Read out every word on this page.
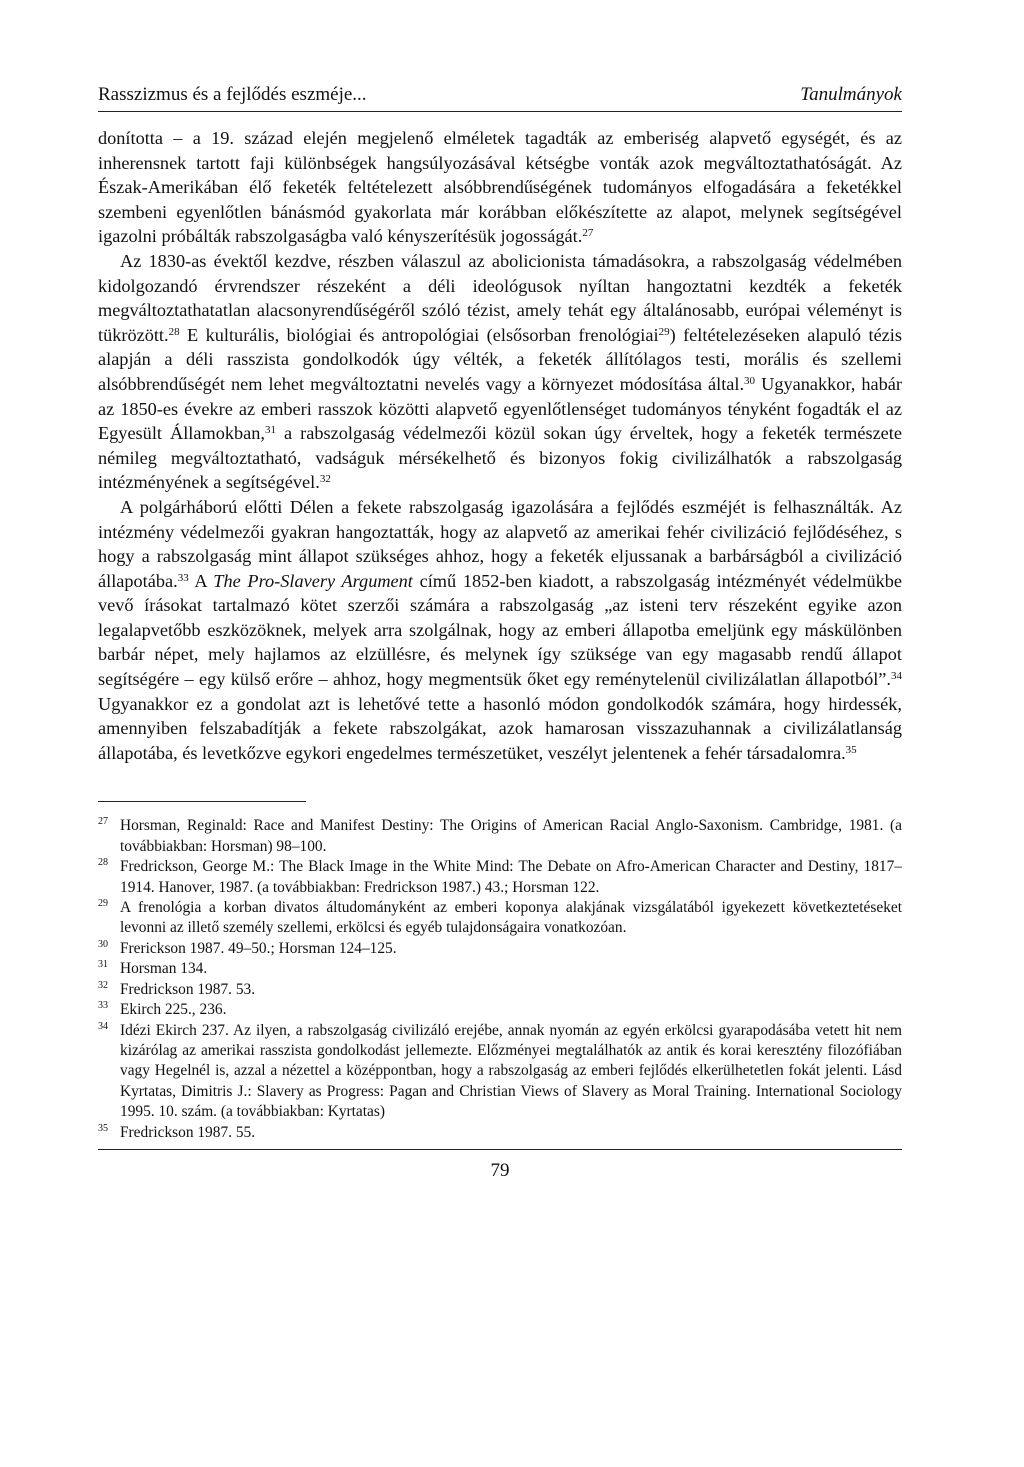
Rasszizmus és a fejlődés eszméje...	Tanulmányok

donította – a 19. század elején megjelenő elméletek tagadták az emberiség alapvető egységét, és az inherensnek tartott faji különbségek hangsúlyozásával kétségbe vonták azok megváltoztathatóságát. Az Észak-Amerikában élő feketék feltételezett alsóbbrendűségének tudományos elfogadására a feketékkel szembeni egyenlőtlen bánásmód gyakorlata már korábban előkészítette az alapot, melynek segítségével igazolni próbálták rabszolgaságba való kényszerítésük jogosságát.$^{27}$

Az 1830-as évektől kezdve, részben válaszul az abolicionista támadásokra, a rabszolgaság védelmében kidolgozandó érvrendszer részeként a déli ideológusok nyíltan hangoztatni kezdték a feketék megváltoztathatatlan alacsonyrendűségéről szóló tézist, amely tehát egy általánosabb, európai véleményt is tükrözött.$^{28}$ E kulturális, biológiai és antropológiai (elsősorban frenológiai$^{29}$) feltételezéseken alapuló tézis alapján a déli rasszista gondolkodók úgy vélték, a feketék állítólagos testi, morális és szellemi alsóbbrendűségét nem lehet megváltoztatni nevelés vagy a környezet módosítása által.$^{30}$ Ugyanakkor, habár az 1850-es évekre az emberi rasszok közötti alapvető egyenlőtlenséget tudományos tényként fogadták el az Egyesült Államokban,$^{31}$ a rabszolgaság védelmezői közül sokan úgy érveltek, hogy a feketék természete némileg megváltoztatható, vadságuk mérsékelhető és bizonyos fokig civilizálhatók a rabszolgaság intézményének a segítségével.$^{32}$

A polgárháború előtti Délen a fekete rabszolgaság igazolására a fejlődés eszméjét is felhasználták. Az intézmény védelmezői gyakran hangoztatták, hogy az alapvető az amerikai fehér civilizáció fejlődéséhez, s hogy a rabszolgaság mint állapot szükséges ahhoz, hogy a feketék eljussanak a barbárságból a civilizáció állapotába.$^{33}$ A The Pro-Slavery Argument című 1852-ben kiadott, a rabszolgaság intézményét védelmükbe vevő írásokat tartalmazó kötet szerzői számára a rabszolgaság „az isteni terv részeként egyike azon legalapvetőbb eszközöknek, melyek arra szolgálnak, hogy az emberi állapotba emeljünk egy máskülönben barbár népet, mely hajlamos az elzüllésre, és melynek így szüksége van egy magasabb rendű állapot segítségére – egy külső erőre – ahhoz, hogy megmentsük őket egy reménytelenül civilizálatlan állapotból”.$^{34}$ Ugyanakkor ez a gondolat azt is lehetővé tette a hasonló módon gondolkodók számára, hogy hirdessék, amennyiben felszabadítják a fekete rabszolgákat, azok hamarosan visszazuhannak a civilizálatlanság állapotába, és levetkőzve egykori engedelmes természetüket, veszélyt jelentenek a fehér társadalomra.$^{35}$

$^{27}$ Horsman, Reginald: Race and Manifest Destiny: The Origins of American Racial Anglo-Saxonism. Cambridge, 1981. (a továbbiakban: Horsman) 98–100.
$^{28}$ Fredrickson, George M.: The Black Image in the White Mind: The Debate on Afro-American Character and Destiny, 1817–1914. Hanover, 1987. (a továbbiakban: Fredrickson 1987.) 43.; Horsman 122.
$^{29}$ A frenológia a korban divatos áltudományként az emberi koponya alakjának vizsgálatából igyekezett következtetéseket levonni az illető személy szellemi, erkölcsi és egyéb tulajdonságaira vonatkozóan.
$^{30}$ Frerickson 1987. 49–50.; Horsman 124–125.
$^{31}$ Horsman 134.
$^{32}$ Fredrickson 1987. 53.
$^{33}$ Ekirch 225., 236.
$^{34}$ Idézi Ekirch 237. Az ilyen, a rabszolgaság civilizáló erejébe, annak nyomán az egyén erkölcsi gyarapodásába vetett hit nem kizárólag az amerikai rasszista gondolkodást jellemezte. Előzményei megtalálhatók az antik és korai keresztény filozófiában vagy Hegelnél is, azzal a nézettel a középpontban, hogy a rabszolgaság az emberi fejlődés elkerülhetetlen fokát jelenti. Lásd Kyrtatas, Dimitris J.: Slavery as Progress: Pagan and Christian Views of Slavery as Moral Training. International Sociology 1995. 10. szám. (a továbbiakban: Kyrtatas)
$^{35}$ Fredrickson 1987. 55.
79
